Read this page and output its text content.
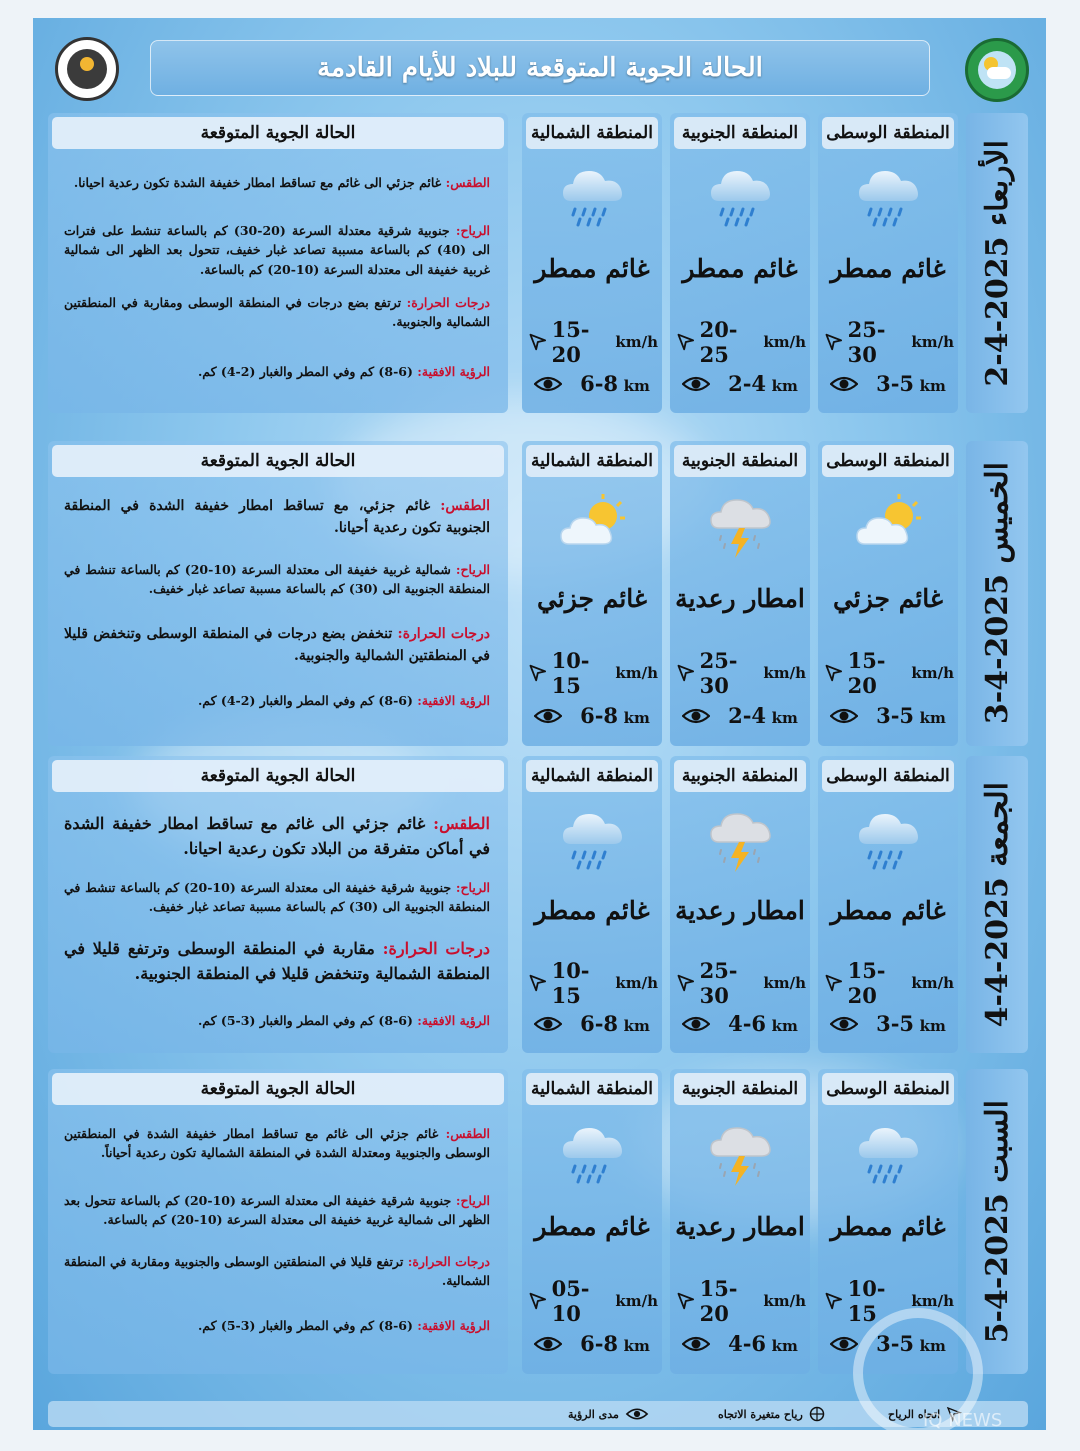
الحالة الجوية المتوقعة للبلاد للأيام القادمة
الأربعاء 2025-4-2
المنطقة الوسطى
غائم ممطر
25-30	km/h
3-5 km
المنطقة الجنوبية
غائم ممطر
20-25	km/h
2-4 km
المنطقة الشمالية
غائم ممطر
15-20	km/h
6-8 km
الحالة الجوية المتوقعة
الطقس: غائم جزئي الى غائم مع تساقط امطار خفيفة الشدة تكون رعدية احيانا.
الرياح: جنوبية شرقية معتدلة السرعة (20-30) كم بالساعة تنشط على فترات الى (40) كم بالساعة مسببة تصاعد غبار خفيف، تتحول بعد الظهر الى شمالية غربية خفيفة الى معتدلة السرعة (10-20) كم بالساعة.
درجات الحرارة: ترتفع بضع درجات في المنطقة الوسطى ومقاربة في المنطقتين الشمالية والجنوبية.
الرؤية الافقية: (6-8) كم وفي المطر والغبار (2-4) كم.
الخميس 2025-4-3
المنطقة الوسطى
غائم جزئي
15-20	km/h
3-5 km
المنطقة الجنوبية
امطار رعدية
25-30	km/h
2-4 km
المنطقة الشمالية
غائم جزئي
10-15	km/h
6-8 km
الحالة الجوية المتوقعة
الطقس: غائم جزئي، مع تساقط امطار خفيفة الشدة في المنطقة الجنوبية تكون رعدية أحيانا.
الرياح: شمالية غربية خفيفة الى معتدلة السرعة (10-20) كم بالساعة تنشط في المنطقة الجنوبية الى (30) كم بالساعة مسببة تصاعد غبار خفيف.
درجات الحرارة: تنخفض بضع درجات في المنطقة الوسطى وتنخفض قليلا في المنطقتين الشمالية والجنوبية.
الرؤية الافقية: (6-8) كم وفي المطر والغبار (2-4) كم.
الجمعة 2025-4-4
المنطقة الوسطى
غائم ممطر
15-20	km/h
3-5 km
المنطقة الجنوبية
امطار رعدية
25-30	km/h
4-6 km
المنطقة الشمالية
غائم ممطر
10-15	km/h
6-8 km
الحالة الجوية المتوقعة
الطقس: غائم جزئي الى غائم مع تساقط امطار خفيفة الشدة في أماكن متفرقة من البلاد تكون رعدية احيانا.
الرياح: جنوبية شرقية خفيفة الى معتدلة السرعة (10-20) كم بالساعة تنشط في المنطقة الجنوبية الى (30) كم بالساعة مسببة تصاعد غبار خفيف.
درجات الحرارة: مقاربة في المنطقة الوسطى وترتفع قليلا في المنطقة الشمالية وتنخفض قليلا في المنطقة الجنوبية.
الرؤية الافقية: (6-8) كم وفي المطر والغبار (3-5) كم.
السبت 2025-4-5
المنطقة الوسطى
غائم ممطر
10-15	km/h
3-5 km
المنطقة الجنوبية
امطار رعدية
15-20	km/h
4-6 km
المنطقة الشمالية
غائم ممطر
05-10	km/h
6-8 km
الحالة الجوية المتوقعة
الطقس: غائم جزئي الى غائم مع تساقط امطار خفيفة الشدة في المنطقتين الوسطى والجنوبية ومعتدلة الشدة في المنطقة الشمالية تكون رعدية أحياناً.
الرياح: جنوبية شرقية خفيفة الى معتدلة السرعة (10-20) كم بالساعة تتحول بعد الظهر الى شمالية غربية خفيفة الى معتدلة السرعة (10-20) كم بالساعة.
درجات الحرارة: ترتفع قليلا في المنطقتين الوسطى والجنوبية ومقاربة في المنطقة الشمالية.
الرؤية الافقية: (6-8) كم وفي المطر والغبار (3-5) كم.
مدى الرؤية	رياح متغيرة الاتجاه	اتجاه الرياح
IQ NEWS
